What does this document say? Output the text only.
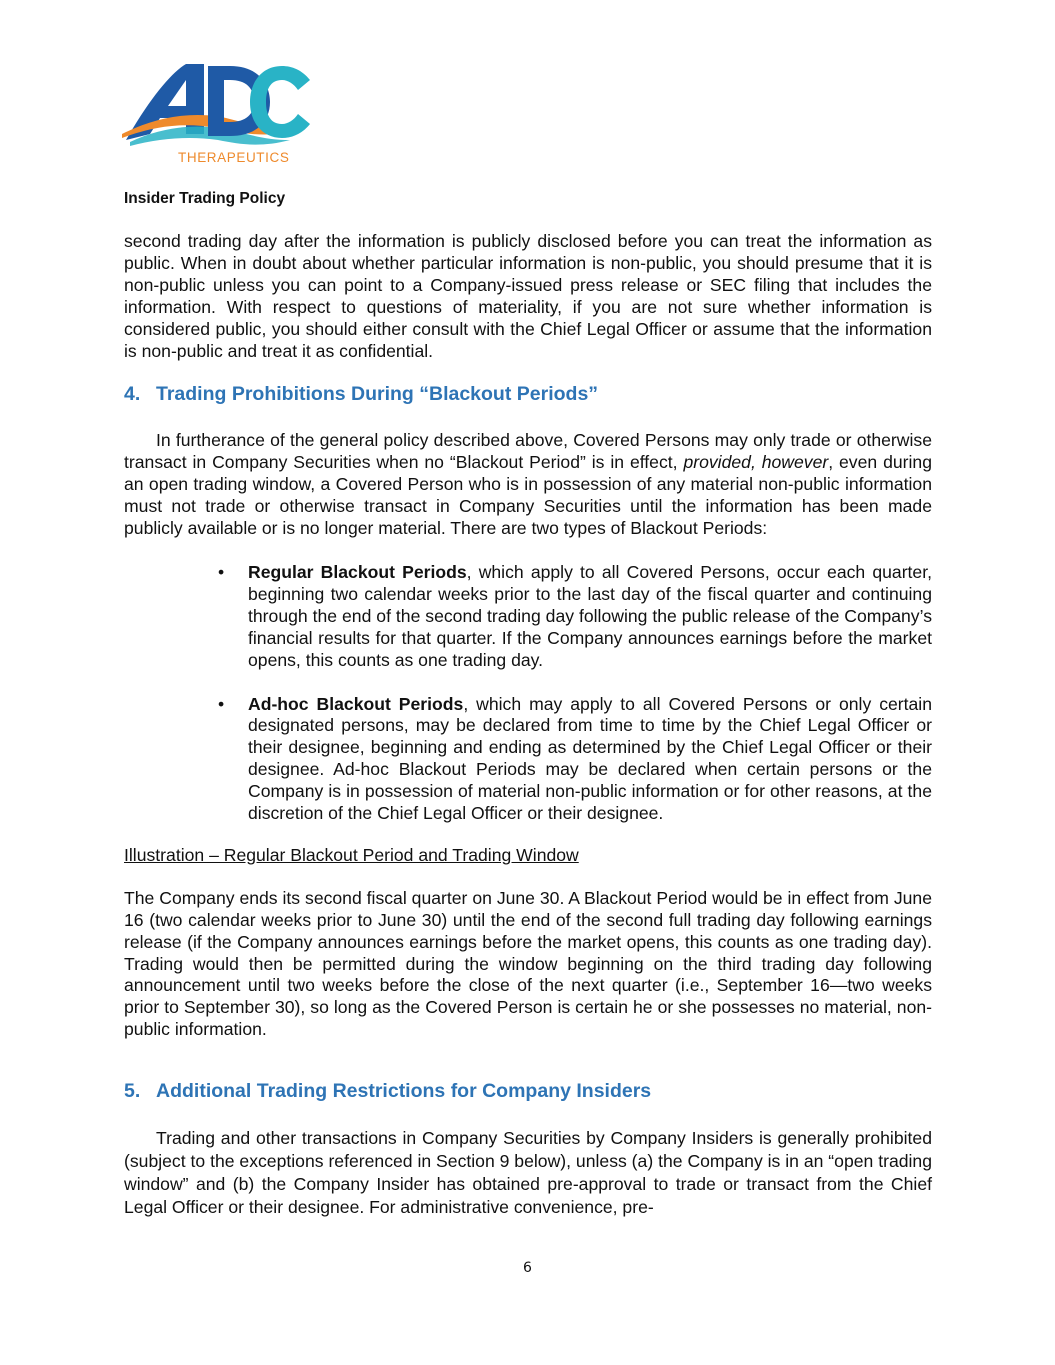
THERAPEUTICS
Insider Trading Policy

second trading day after the information is publicly disclosed before you can treat the information as public. When in doubt about whether particular information is non-public, you should presume that it is non-public unless you can point to a Company-issued press release or SEC filing that includes the information. With respect to questions of materiality, if you are not sure whether information is considered public, you should either consult with the Chief Legal Officer or assume that the information is non-public and treat it as confidential.

4. Trading Prohibitions During “Blackout Periods”

In furtherance of the general policy described above, Covered Persons may only trade or otherwise transact in Company Securities when no “Blackout Period” is in effect, provided, however, even during an open trading window, a Covered Person who is in possession of any material non-public information must not trade or otherwise transact in Company Securities until the information has been made publicly available or is no longer material. There are two types of Blackout Periods:

• Regular Blackout Periods, which apply to all Covered Persons, occur each quarter, beginning two calendar weeks prior to the last day of the fiscal quarter and continuing through the end of the second trading day following the public release of the Company’s financial results for that quarter. If the Company announces earnings before the market opens, this counts as one trading day.
• Ad-hoc Blackout Periods, which may apply to all Covered Persons or only certain designated persons, may be declared from time to time by the Chief Legal Officer or their designee, beginning and ending as determined by the Chief Legal Officer or their designee. Ad-hoc Blackout Periods may be declared when certain persons or the Company is in possession of material non-public information or for other reasons, at the discretion of the Chief Legal Officer or their designee.

Illustration – Regular Blackout Period and Trading Window

The Company ends its second fiscal quarter on June 30. A Blackout Period would be in effect from June 16 (two calendar weeks prior to June 30) until the end of the second full trading day following earnings release (if the Company announces earnings before the market opens, this counts as one trading day). Trading would then be permitted during the window beginning on the third trading day following announcement until two weeks before the close of the next quarter (i.e., September 16—two weeks prior to September 30), so long as the Covered Person is certain he or she possesses no material, non-public information.

5. Additional Trading Restrictions for Company Insiders

Trading and other transactions in Company Securities by Company Insiders is generally prohibited (subject to the exceptions referenced in Section 9 below), unless (a) the Company is in an “open trading window” and (b) the Company Insider has obtained pre-approval to trade or transact from the Chief Legal Officer or their designee. For administrative convenience, pre-

6
